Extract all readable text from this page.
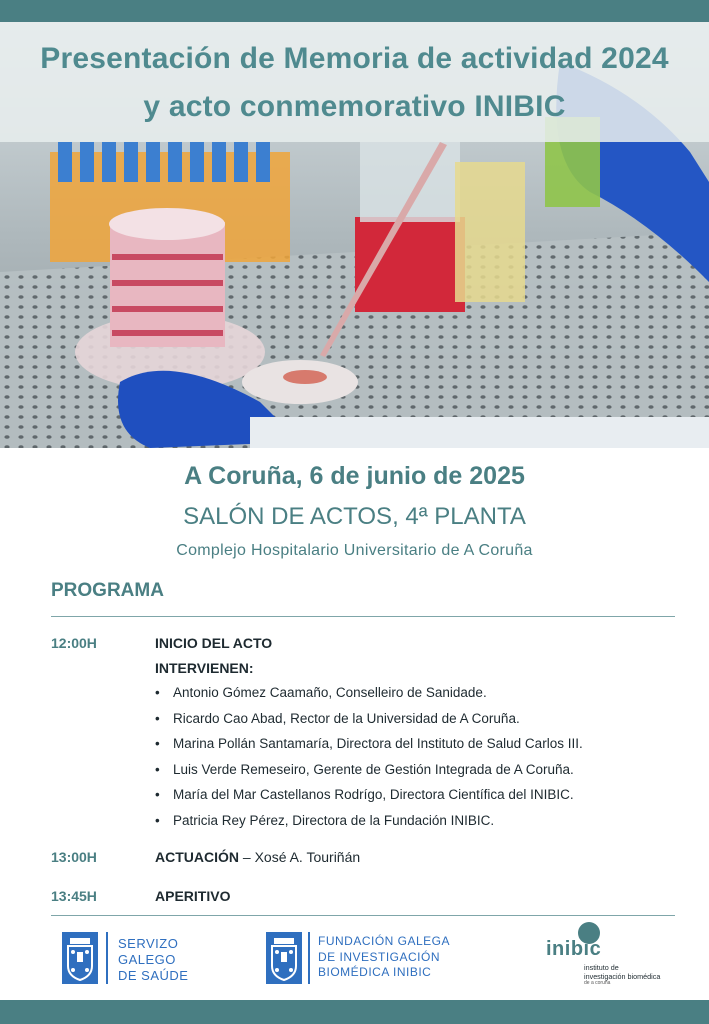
Presentación de Memoria de actividad 2024
y acto conmemorativo INIBIC
A Coruña, 6 de junio de 2025
SALÓN DE ACTOS, 4ª PLANTA
Complejo Hospitalario Universitario de A Coruña
PROGRAMA
12:00H	INICIO DEL ACTO
INTERVIENEN:
• Antonio Gómez Caamaño, Conselleiro de Sanidade.
• Ricardo Cao Abad, Rector de la Universidad de A Coruña.
• Marina Pollán Santamaría, Directora del Instituto de Salud Carlos III.
• Luis Verde Remeseiro, Gerente de Gestión Integrada de A Coruña.
• María del Mar Castellanos Rodrígo, Directora Científica del INIBIC.
• Patricia Rey Pérez, Directora de la Fundación INIBIC.
13:00H	ACTUACIÓN – Xosé A. Touriñán
13:45H	APERITIVO
SERVIZO
GALEGO
DE SAÚDE
FUNDACIÓN GALEGA
DE INVESTIGACIÓN
BIOMÉDICA INIBIC
inibic
instituto de
investigación biomédica
de a coruña
